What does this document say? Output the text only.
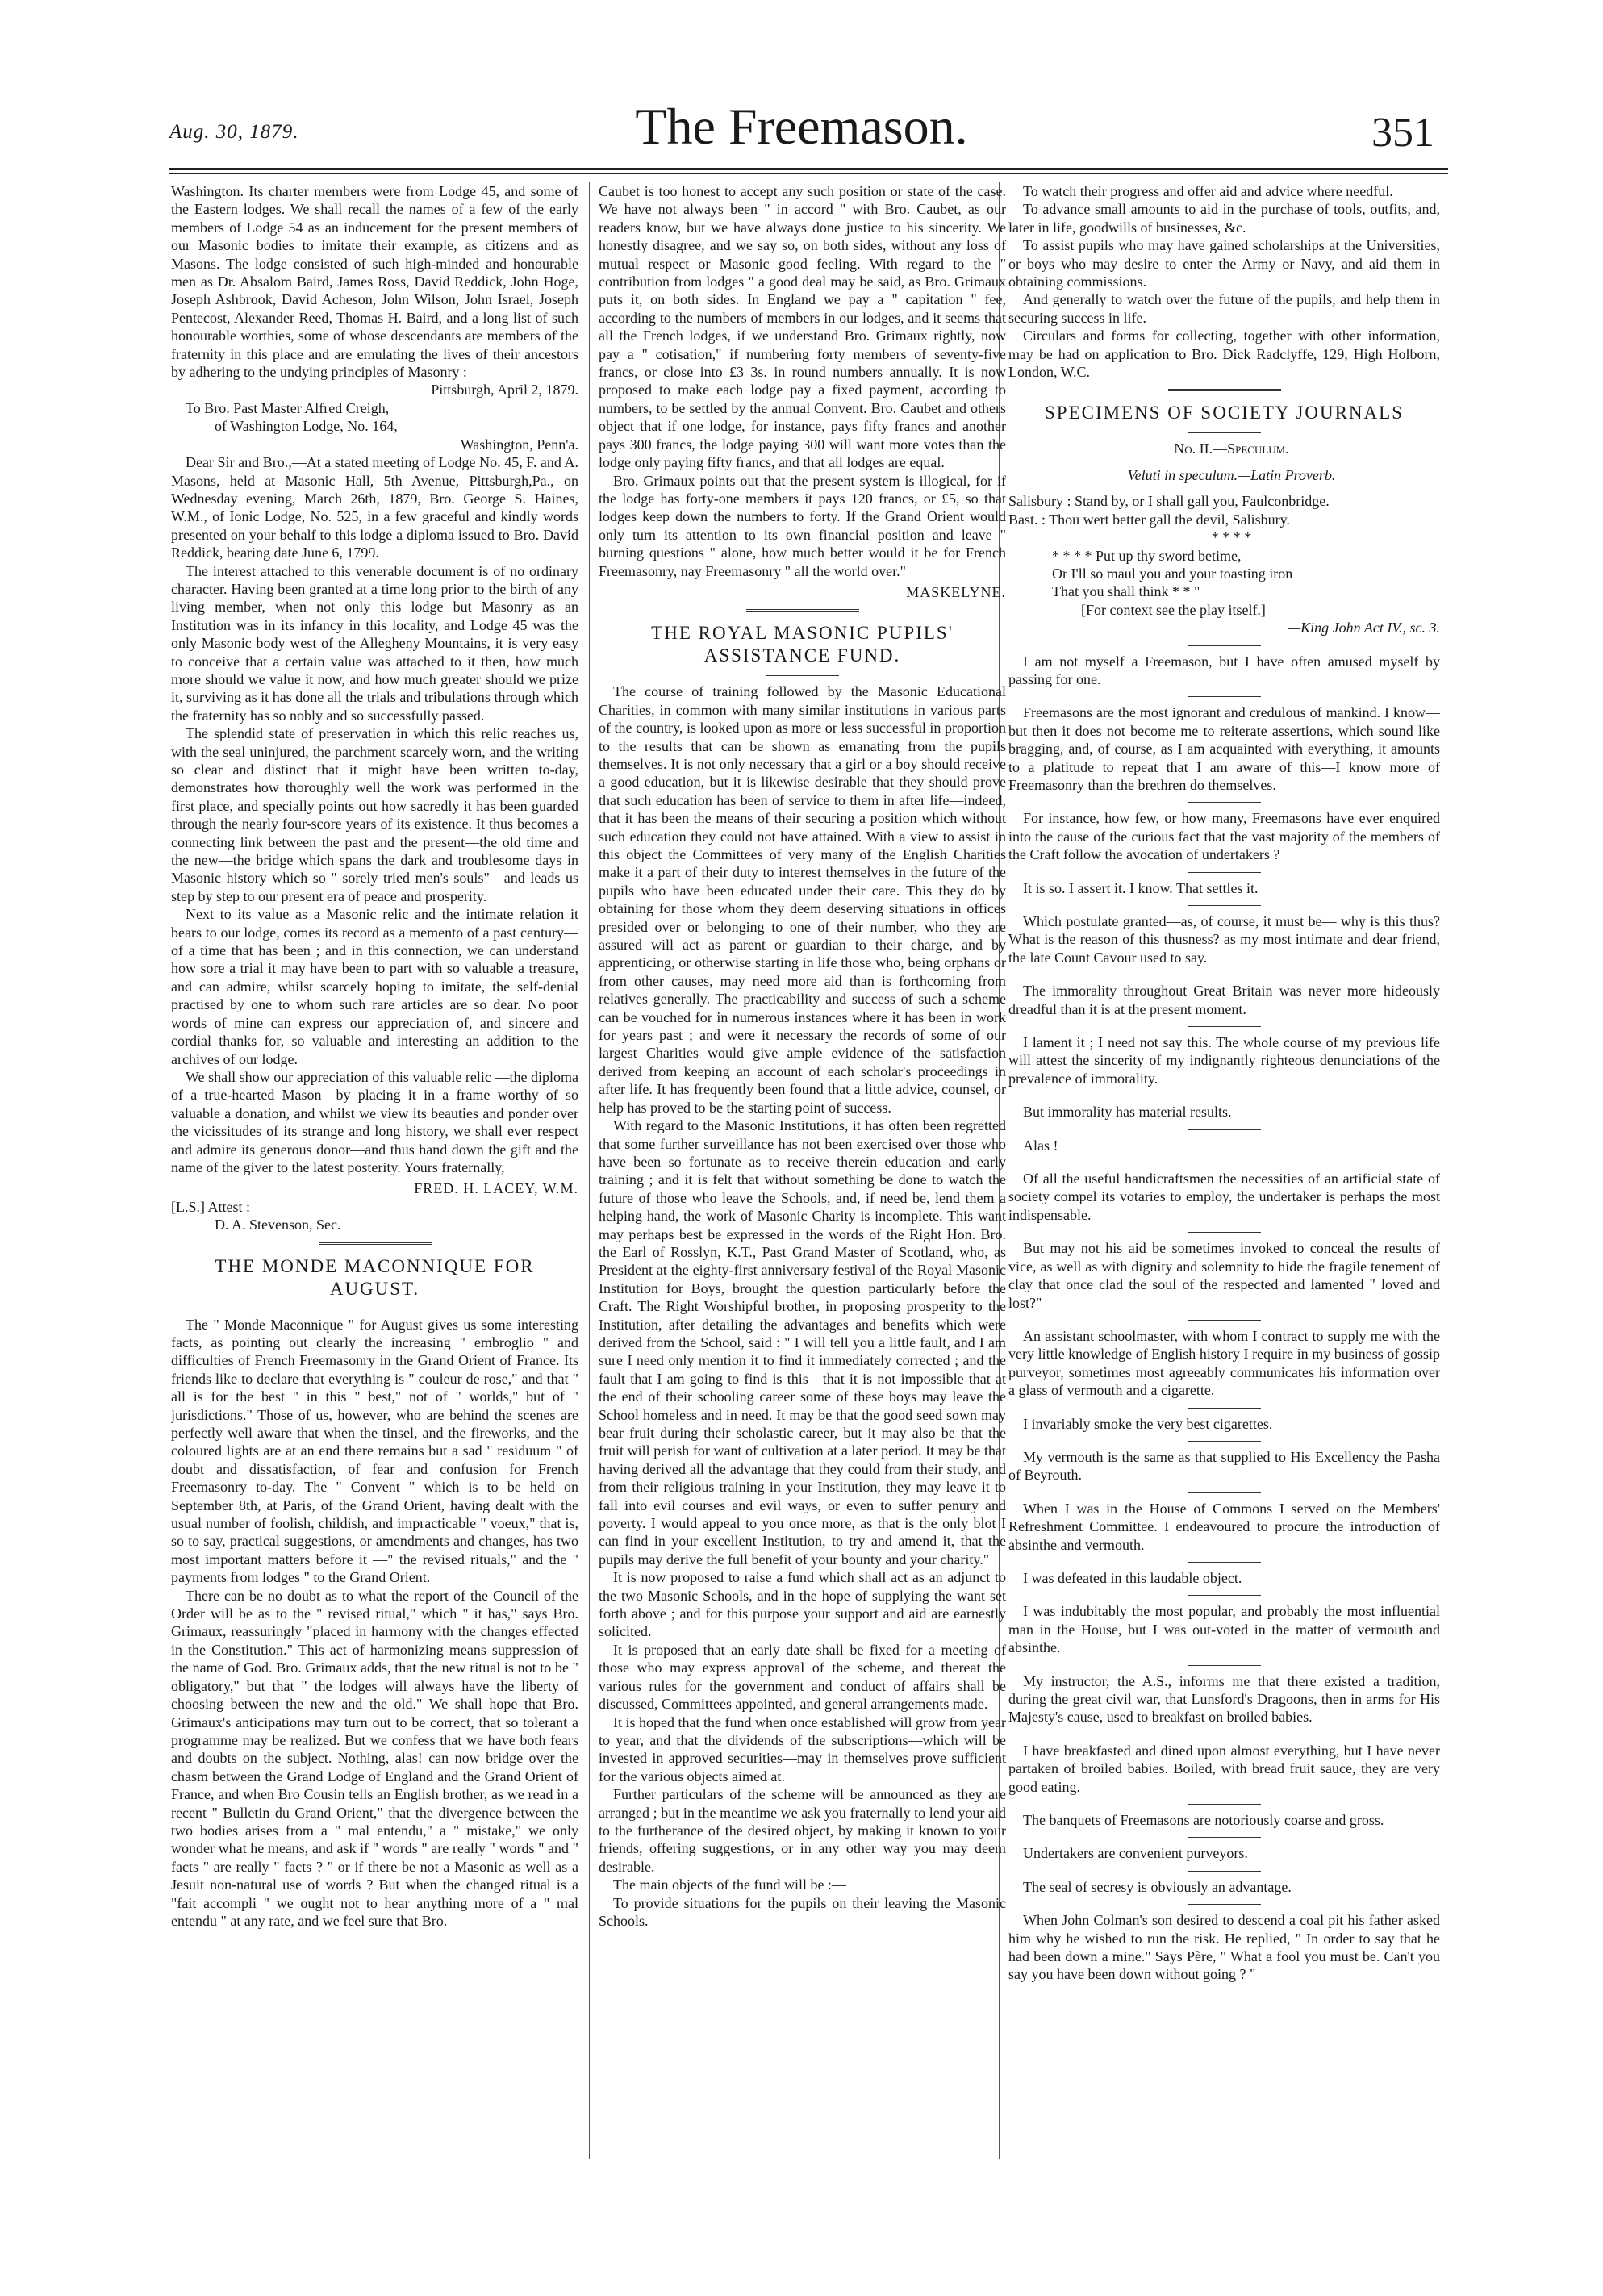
Aug. 30, 1879.	The Freemason.	351

Washington. Its charter members were from Lodge 45, and some of the Eastern lodges. We shall recall the names of a few of the early members of Lodge 54 as an inducement for the present members of our Masonic bodies to imitate their example, as citizens and as Masons. The lodge consisted of such high-minded and honourable men as Dr. Absalom Baird, James Ross, David Reddick, John Hoge, Joseph Ashbrook, David Acheson, John Wilson, John Israel, Joseph Pentecost, Alexander Reed, Thomas H. Baird, and a long list of such honourable worthies, some of whose descendants are members of the fraternity in this place and are emulating the lives of their ancestors by adhering to the undying principles of Masonry :

Pittsburgh, April 2, 1879.

To Bro. Past Master Alfred Creigh,

of Washington Lodge, No. 164,

Washington, Penn'a.

Dear Sir and Bro.,—At a stated meeting of Lodge No. 45, F. and A. Masons, held at Masonic Hall, 5th Avenue, Pittsburgh,Pa., on Wednesday evening, March 26th, 1879, Bro. George S. Haines, W.M., of Ionic Lodge, No. 525, in a few graceful and kindly words presented on your behalf to this lodge a diploma issued to Bro. David Reddick, bearing date June 6, 1799.

The interest attached to this venerable document is of no ordinary character. Having been granted at a time long prior to the birth of any living member, when not only this lodge but Masonry as an Institution was in its infancy in this locality, and Lodge 45 was the only Masonic body west of the Allegheny Mountains, it is very easy to conceive that a certain value was attached to it then, how much more should we value it now, and how much greater should we prize it, surviving as it has done all the trials and tribulations through which the fraternity has so nobly and so successfully passed.

The splendid state of preservation in which this relic reaches us, with the seal uninjured, the parchment scarcely worn, and the writing so clear and distinct that it might have been written to-day, demonstrates how thoroughly well the work was performed in the first place, and specially points out how sacredly it has been guarded through the nearly four-score years of its existence. It thus becomes a connecting link between the past and the present—the old time and the new—the bridge which spans the dark and troublesome days in Masonic history which so " sorely tried men's souls"—and leads us step by step to our present era of peace and prosperity.

Next to its value as a Masonic relic and the intimate relation it bears to our lodge, comes its record as a memento of a past century—of a time that has been ; and in this connection, we can understand how sore a trial it may have been to part with so valuable a treasure, and can admire, whilst scarcely hoping to imitate, the self-denial practised by one to whom such rare articles are so dear. No poor words of mine can express our appreciation of, and sincere and cordial thanks for, so valuable and interesting an addition to the archives of our lodge.

We shall show our appreciation of this valuable relic —the diploma of a true-hearted Mason—by placing it in a frame worthy of so valuable a donation, and whilst we view its beauties and ponder over the vicissitudes of its strange and long history, we shall ever respect and admire its generous donor—and thus hand down the gift and the name of the giver to the latest posterity. Yours fraternally,

FRED. H. LACEY, W.M.

[L.S.] Attest :

D. A. Stevenson, Sec.

THE MONDE MACONNIQUE FOR AUGUST.

The " Monde Maconnique " for August gives us some interesting facts, as pointing out clearly the increasing " embroglio " and difficulties of French Freemasonry in the Grand Orient of France. Its friends like to declare that everything is " couleur de rose," and that " all is for the best " in this " best," not of " worlds," but of " jurisdictions." Those of us, however, who are behind the scenes are perfectly well aware that when the tinsel, and the fireworks, and the coloured lights are at an end there remains but a sad " residuum " of doubt and dissatisfaction, of fear and confusion for French Freemasonry to-day. The " Convent " which is to be held on September 8th, at Paris, of the Grand Orient, having dealt with the usual number of foolish, childish, and impracticable " voeux," that is, so to say, practical suggestions, or amendments and changes, has two most important matters before it —" the revised rituals," and the " payments from lodges " to the Grand Orient.

There can be no doubt as to what the report of the Council of the Order will be as to the " revised ritual," which " it has," says Bro. Grimaux, reassuringly "placed in harmony with the changes effected in the Constitution." This act of harmonizing means suppression of the name of God. Bro. Grimaux adds, that the new ritual is not to be " obligatory," but that " the lodges will always have the liberty of choosing between the new and the old." We shall hope that Bro. Grimaux's anticipations may turn out to be correct, that so tolerant a programme may be realized. But we confess that we have both fears and doubts on the subject. Nothing, alas! can now bridge over the chasm between the Grand Lodge of England and the Grand Orient of France, and when Bro Cousin tells an English brother, as we read in a recent " Bulletin du Grand Orient," that the divergence between the two bodies arises from a " mal entendu," a " mistake," we only wonder what he means, and ask if " words " are really " words " and " facts " are really " facts ? " or if there be not a Masonic as well as a Jesuit non-natural use of words ? But when the changed ritual is a "fait accompli " we ought not to hear anything more of a " mal entendu " at any rate, and we feel sure that Bro.

Caubet is too honest to accept any such position or state of the case. We have not always been " in accord " with Bro. Caubet, as our readers know, but we have always done justice to his sincerity. We honestly disagree, and we say so, on both sides, without any loss of mutual respect or Masonic good feeling. With regard to the " contribution from lodges " a good deal may be said, as Bro. Grimaux puts it, on both sides. In England we pay a " capitation " fee, according to the numbers of members in our lodges, and it seems that all the French lodges, if we understand Bro. Grimaux rightly, now pay a " cotisation," if numbering forty members of seventy-five francs, or close into £3 3s. in round numbers annually. It is now proposed to make each lodge pay a fixed payment, according to numbers, to be settled by the annual Convent. Bro. Caubet and others object that if one lodge, for instance, pays fifty francs and another pays 300 francs, the lodge paying 300 will want more votes than the lodge only paying fifty francs, and that all lodges are equal.

Bro. Grimaux points out that the present system is illogical, for if the lodge has forty-one members it pays 120 francs, or £5, so that lodges keep down the numbers to forty. If the Grand Orient would only turn its attention to its own financial position and leave " burning questions " alone, how much better would it be for French Freemasonry, nay Freemasonry " all the world over."

MASKELYNE.

THE ROYAL MASONIC PUPILS' ASSISTANCE FUND.

The course of training followed by the Masonic Educational Charities, in common with many similar institutions in various parts of the country, is looked upon as more or less successful in proportion to the results that can be shown as emanating from the pupils themselves. It is not only necessary that a girl or a boy should receive a good education, but it is likewise desirable that they should prove that such education has been of service to them in after life—indeed, that it has been the means of their securing a position which without such education they could not have attained. With a view to assist in this object the Committees of very many of the English Charities make it a part of their duty to interest themselves in the future of the pupils who have been educated under their care. This they do by obtaining for those whom they deem deserving situations in offices presided over or belonging to one of their number, who they are assured will act as parent or guardian to their charge, and by apprenticing, or otherwise starting in life those who, being orphans or from other causes, may need more aid than is forthcoming from relatives generally. The practicability and success of such a scheme can be vouched for in numerous instances where it has been in work for years past ; and were it necessary the records of some of our largest Charities would give ample evidence of the satisfaction derived from keeping an account of each scholar's proceedings in after life. It has frequently been found that a little advice, counsel, or help has proved to be the starting point of success.

With regard to the Masonic Institutions, it has often been regretted that some further surveillance has not been exercised over those who have been so fortunate as to receive therein education and early training ; and it is felt that without something be done to watch the future of those who leave the Schools, and, if need be, lend them a helping hand, the work of Masonic Charity is incomplete. This want may perhaps best be expressed in the words of the Right Hon. Bro. the Earl of Rosslyn, K.T., Past Grand Master of Scotland, who, as President at the eighty-first anniversary festival of the Royal Masonic Institution for Boys, brought the question particularly before the Craft. The Right Worshipful brother, in proposing prosperity to the Institution, after detailing the advantages and benefits which were derived from the School, said : " I will tell you a little fault, and I am sure I need only mention it to find it immediately corrected ; and the fault that I am going to find is this—that it is not impossible that at the end of their schooling career some of these boys may leave the School homeless and in need. It may be that the good seed sown may bear fruit during their scholastic career, but it may also be that the fruit will perish for want of cultivation at a later period. It may be that having derived all the advantage that they could from their study, and from their religious training in your Institution, they may leave it to fall into evil courses and evil ways, or even to suffer penury and poverty. I would appeal to you once more, as that is the only blot I can find in your excellent Institution, to try and amend it, that the pupils may derive the full benefit of your bounty and your charity."

It is now proposed to raise a fund which shall act as an adjunct to the two Masonic Schools, and in the hope of supplying the want set forth above ; and for this purpose your support and aid are earnestly solicited.

It is proposed that an early date shall be fixed for a meeting of those who may express approval of the scheme, and thereat the various rules for the government and conduct of affairs shall be discussed, Committees appointed, and general arrangements made.

It is hoped that the fund when once established will grow from year to year, and that the dividends of the subscriptions—which will be invested in approved securities—may in themselves prove sufficient for the various objects aimed at.

Further particulars of the scheme will be announced as they are arranged ; but in the meantime we ask you fraternally to lend your aid to the furtherance of the desired object, by making it known to your friends, offering suggestions, or in any other way you may deem desirable.

The main objects of the fund will be :—

To provide situations for the pupils on their leaving the Masonic Schools.

To watch their progress and offer aid and advice where needful.

To advance small amounts to aid in the purchase of tools, outfits, and, later in life, goodwills of businesses, &c.

To assist pupils who may have gained scholarships at the Universities, or boys who may desire to enter the Army or Navy, and aid them in obtaining commissions.

And generally to watch over the future of the pupils, and help them in securing success in life.

Circulars and forms for collecting, together with other information, may be had on application to Bro. Dick Radclyffe, 129, High Holborn, London, W.C.

SPECIMENS OF SOCIETY JOURNALS

No. II.—Speculum.

Veluti in speculum.—Latin Proverb.

Salisbury : Stand by, or I shall gall you, Faulconbridge.

Bast. : Thou wert better gall the devil, Salisbury.

* * * *

* * * * Put up thy sword betime,

Or I'll so maul you and your toasting iron

That you shall think * * "

[For context see the play itself.]

—King John Act IV., sc. 3.

I am not myself a Freemason, but I have often amused myself by passing for one.

Freemasons are the most ignorant and credulous of mankind. I know—but then it does not become me to reiterate assertions, which sound like bragging, and, of course, as I am acquainted with everything, it amounts to a platitude to repeat that I am aware of this—I know more of Freemasonry than the brethren do themselves.

For instance, how few, or how many, Freemasons have ever enquired into the cause of the curious fact that the vast majority of the members of the Craft follow the avocation of undertakers ?

It is so. I assert it. I know. That settles it.

Which postulate granted—as, of course, it must be— why is this thus? What is the reason of this thusness? as my most intimate and dear friend, the late Count Cavour used to say.

The immorality throughout Great Britain was never more hideously dreadful than it is at the present moment.

I lament it ; I need not say this. The whole course of my previous life will attest the sincerity of my indignantly righteous denunciations of the prevalence of immorality.

But immorality has material results.

Alas !

Of all the useful handicraftsmen the necessities of an artificial state of society compel its votaries to employ, the undertaker is perhaps the most indispensable.

But may not his aid be sometimes invoked to conceal the results of vice, as well as with dignity and solemnity to hide the fragile tenement of clay that once clad the soul of the respected and lamented " loved and lost?"

An assistant schoolmaster, with whom I contract to supply me with the very little knowledge of English history I require in my business of gossip purveyor, sometimes most agreeably communicates his information over a glass of vermouth and a cigarette.

I invariably smoke the very best cigarettes.

My vermouth is the same as that supplied to His Excellency the Pasha of Beyrouth.

When I was in the House of Commons I served on the Members' Refreshment Committee. I endeavoured to procure the introduction of absinthe and vermouth.

I was defeated in this laudable object.

I was indubitably the most popular, and probably the most influential man in the House, but I was out-voted in the matter of vermouth and absinthe.

My instructor, the A.S., informs me that there existed a tradition, during the great civil war, that Lunsford's Dragoons, then in arms for His Majesty's cause, used to breakfast on broiled babies.

I have breakfasted and dined upon almost everything, but I have never partaken of broiled babies. Boiled, with bread fruit sauce, they are very good eating.

The banquets of Freemasons are notoriously coarse and gross.

Undertakers are convenient purveyors.

The seal of secresy is obviously an advantage.

When John Colman's son desired to descend a coal pit his father asked him why he wished to run the risk. He replied, " In order to say that he had been down a mine." Says Père, " What a fool you must be. Can't you say you have been down without going ? "
